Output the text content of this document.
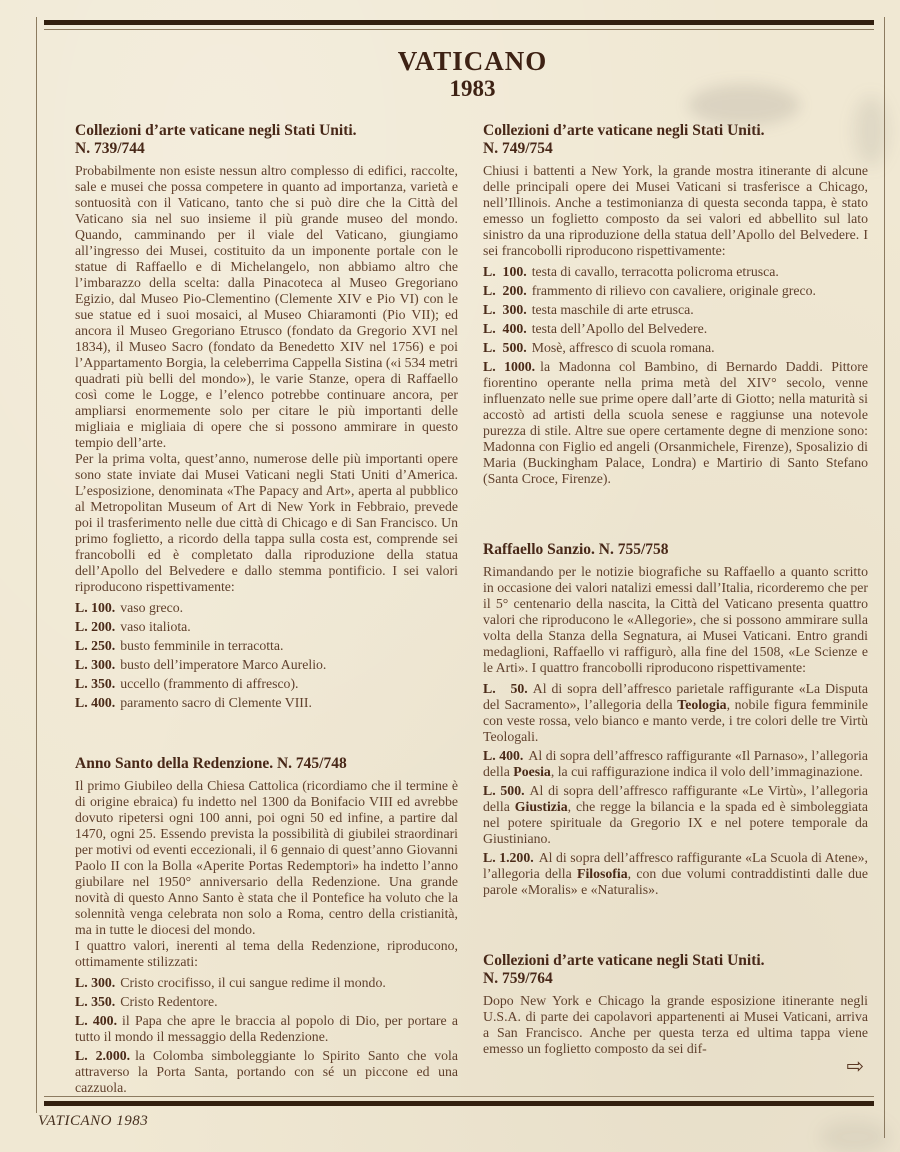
VATICANO
1983
Collezioni d’arte vaticane negli Stati Uniti.
N. 739/744

Probabilmente non esiste nessun altro complesso di edifici, raccolte, sale e musei che possa competere in quanto ad importanza, varietà e sontuosità con il Vaticano, tanto che si può dire che la Città del Vaticano sia nel suo insieme il più grande museo del mondo. Quando, camminando per il viale del Vaticano, giungiamo all’ingresso dei Musei, costituito da un imponente portale con le statue di Raffaello e di Michelangelo, non abbiamo altro che l’imbarazzo della scelta: dalla Pinacoteca al Museo Gregoriano Egizio, dal Museo Pio-Clementino (Clemente XIV e Pio VI) con le sue statue ed i suoi mosaici, al Museo Chiaramonti (Pio VII); ed ancora il Museo Gregoriano Etrusco (fondato da Gregorio XVI nel 1834), il Museo Sacro (fondato da Benedetto XIV nel 1756) e poi l’Appartamento Borgia, la celeberrima Cappella Sistina («i 534 metri quadrati più belli del mondo»), le varie Stanze, opera di Raffaello così come le Logge, e l’elenco potrebbe continuare ancora, per ampliarsi enormemente solo per citare le più importanti delle migliaia e migliaia di opere che si possono ammirare in questo tempio dell’arte.

Per la prima volta, quest’anno, numerose delle più importanti opere sono state inviate dai Musei Vaticani negli Stati Uniti d’America. L’esposizione, denominata «The Papacy and Art», aperta al pubblico al Metropolitan Museum of Art di New York in Febbraio, prevede poi il trasferimento nelle due città di Chicago e di San Francisco. Un primo foglietto, a ricordo della tappa sulla costa est, comprende sei francobolli ed è completato dalla riproduzione della statua dell’Apollo del Belvedere e dallo stemma pontificio. I sei valori riproducono rispettivamente:

L. 100. vaso greco.

L. 200. vaso italiota.

L. 250. busto femminile in terracotta.

L. 300. busto dell’imperatore Marco Aurelio.

L. 350. uccello (frammento di affresco).

L. 400. paramento sacro di Clemente VIII.

Anno Santo della Redenzione. N. 745/748

Il primo Giubileo della Chiesa Cattolica (ricordiamo che il termine è di origine ebraica) fu indetto nel 1300 da Bonifacio VIII ed avrebbe dovuto ripetersi ogni 100 anni, poi ogni 50 ed infine, a partire dal 1470, ogni 25. Essendo prevista la possibilità di giubilei straordinari per motivi od eventi eccezionali, il 6 gennaio di quest’anno Giovanni Paolo II con la Bolla «Aperite Portas Redemptori» ha indetto l’anno giubilare nel 1950° anniversario della Redenzione. Una grande novità di questo Anno Santo è stata che il Pontefice ha voluto che la solennità venga celebrata non solo a Roma, centro della cristianità, ma in tutte le diocesi del mondo.

I quattro valori, inerenti al tema della Redenzione, riproducono, ottimamente stilizzati:

L. 300. Cristo crocifisso, il cui sangue redime il mondo.

L. 350. Cristo Redentore.

L. 400. il Papa che apre le braccia al popolo di Dio, per portare a tutto il mondo il messaggio della Redenzione.

L. 2.000. la Colomba simboleggiante lo Spirito Santo che vola attraverso la Porta Santa, portando con sé un piccone ed una cazzuola.

Collezioni d’arte vaticane negli Stati Uniti.
N. 749/754

Chiusi i battenti a New York, la grande mostra itinerante di alcune delle principali opere dei Musei Vaticani si trasferisce a Chicago, nell’Illinois. Anche a testimonianza di questa seconda tappa, è stato emesso un foglietto composto da sei valori ed abbellito sul lato sinistro da una riproduzione della statua dell’Apollo del Belvedere. I sei francobolli riproducono rispettivamente:

L.  100. testa di cavallo, terracotta policroma etrusca.

L.  200. frammento di rilievo con cavaliere, originale greco.

L.  300. testa maschile di arte etrusca.

L.  400. testa dell’Apollo del Belvedere.

L.  500. Mosè, affresco di scuola romana.

L. 1000. la Madonna col Bambino, di Bernardo Daddi. Pittore fiorentino operante nella prima metà del XIV° secolo, venne influenzato nelle sue prime opere dall’arte di Giotto; nella maturità si accostò ad artisti della scuola senese e raggiunse una notevole purezza di stile. Altre sue opere certamente degne di menzione sono: Madonna con Figlio ed angeli (Orsanmichele, Firenze), Sposalizio di Maria (Buckingham Palace, Londra) e Martirio di Santo Stefano (Santa Croce, Firenze).

Raffaello Sanzio. N. 755/758

Rimandando per le notizie biografiche su Raffaello a quanto scritto in occasione dei valori natalizi emessi dall’Italia, ricorderemo che per il 5° centenario della nascita, la Città del Vaticano presenta quattro valori che riproducono le «Allegorie», che si possono ammirare sulla volta della Stanza della Segnatura, ai Musei Vaticani. Entro grandi medaglioni, Raffaello vi raffigurò, alla fine del 1508, «Le Scienze e le Arti». I quattro francobolli riproducono rispettivamente:

L.   50. Al di sopra dell’affresco parietale raffigurante «La Disputa del Sacramento», l’allegoria della Teologia, nobile figura femminile con veste rossa, velo bianco e manto verde, i tre colori delle tre Virtù Teologali.

L. 400. Al di sopra dell’affresco raffigurante «Il Parnaso», l’allegoria della Poesia, la cui raffigurazione indica il volo dell’immaginazione.

L. 500. Al di sopra dell’affresco raffigurante «Le Virtù», l’allegoria della Giustizia, che regge la bilancia e la spada ed è simboleggiata nel potere spirituale da Gregorio IX e nel potere temporale da Giustiniano.

L. 1.200. Al di sopra dell’affresco raffigurante «La Scuola di Atene», l’allegoria della Filosofia, con due volumi contraddistinti dalle due parole «Moralis» e «Naturalis».

Collezioni d’arte vaticane negli Stati Uniti.
N. 759/764

Dopo New York e Chicago la grande esposizione itinerante negli U.S.A. di parte dei capolavori appartenenti ai Musei Vaticani, arriva a San Francisco. Anche per questa terza ed ultima tappa viene emesso un foglietto composto da sei dif-

⇨
VATICANO 1983
